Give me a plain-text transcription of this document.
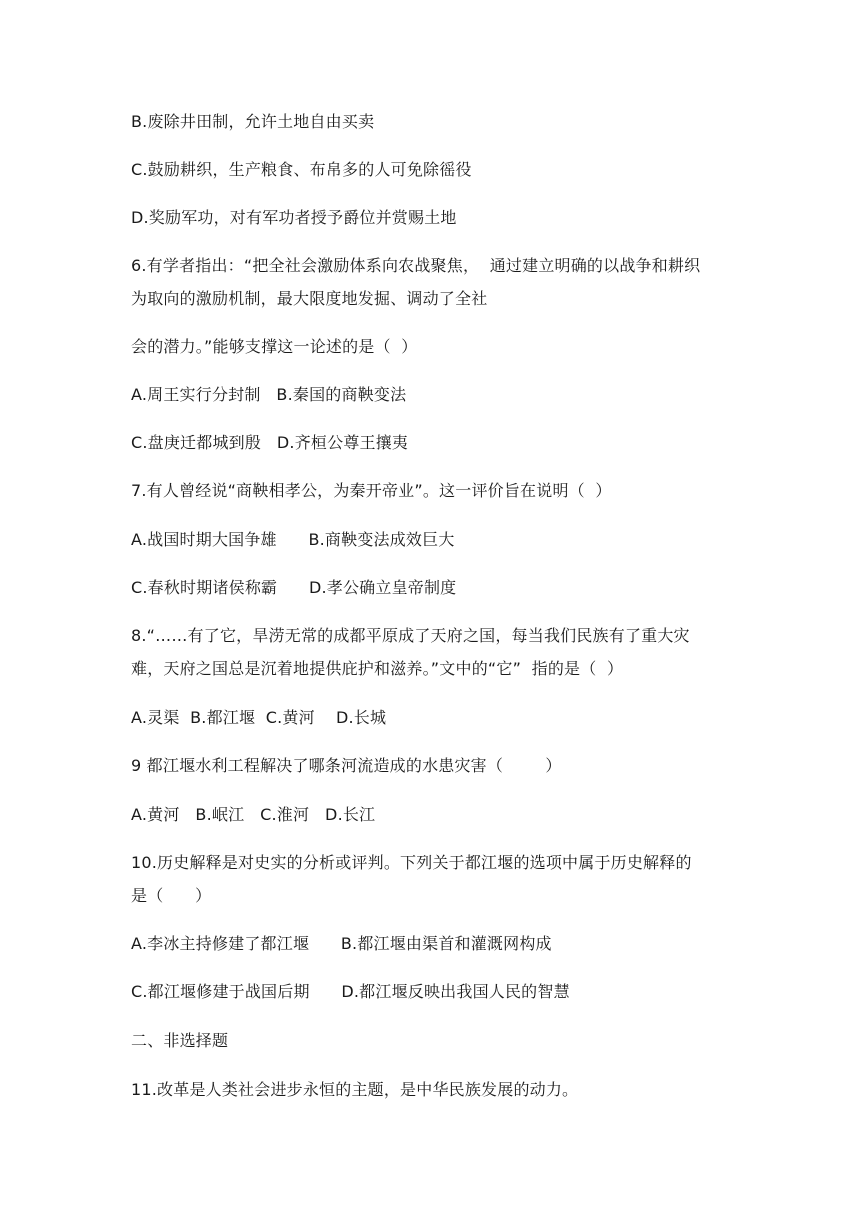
B.废除井田制，允许土地自由买卖
C.鼓励耕织，生产粮食、布帛多的人可免除徭役
D.奖励军功，对有军功者授予爵位并赏赐土地
6.有学者指出：“把全社会激励体系向农战聚焦，  通过建立明确的以战争和耕织
为取向的激励机制，最大限度地发掘、调动了全社
会的潜力。”能够支撑这一论述的是（  ）
A.周王实行分封制   B.秦国的商鞅变法
C.盘庚迁都城到殷   D.齐桓公尊王攘夷
7.有人曾经说“商鞅相孝公，为秦开帝业”。这一评价旨在说明（  ）
A.战国时期大国争雄      B.商鞅变法成效巨大
C.春秋时期诸侯称霸      D.孝公确立皇帝制度
8.“……有了它，旱涝无常的成都平原成了天府之国，每当我们民族有了重大灾
难，天府之国总是沉着地提供庇护和滋养。”文中的“它”  指的是（  ）
A.灵渠  B.都江堰  C.黄河    D.长城
9 都江堰水利工程解决了哪条河流造成的水患灾害（        ）
A.黄河   B.岷江   C.淮河   D.长江
10.历史解释是对史实的分析或评判。下列关于都江堰的选项中属于历史解释的
是（      ）
A.李冰主持修建了都江堰      B.都江堰由渠首和灌溉网构成
C.都江堰修建于战国后期      D.都江堰反映出我国人民的智慧
二、非选择题
11.改革是人类社会进步永恒的主题，是中华民族发展的动力。
